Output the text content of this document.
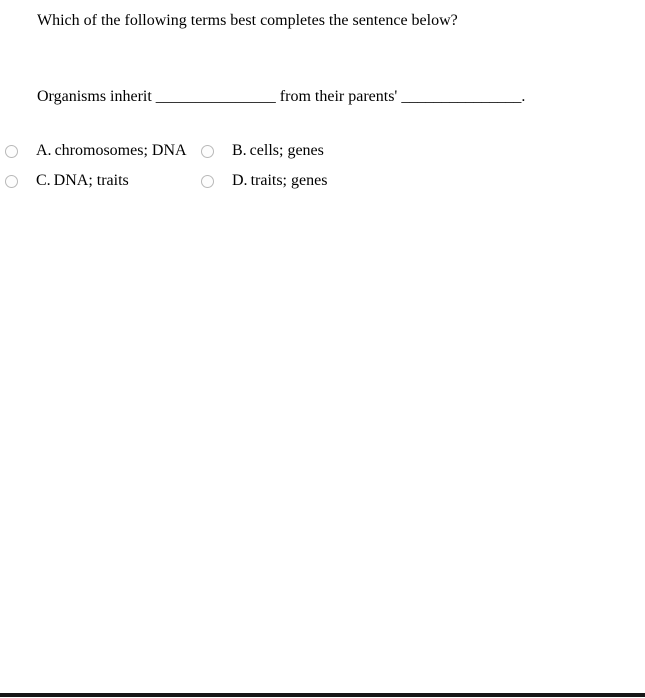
Which of the following terms best completes the sentence below?
Organisms inherit _______________ from their parents' _______________.
A. chromosomes; DNA	B. cells; genes
C. DNA; traits	D. traits; genes
